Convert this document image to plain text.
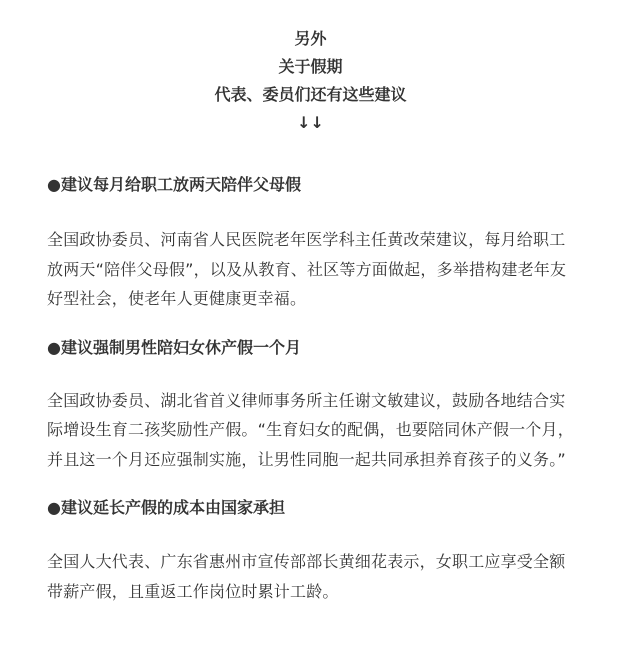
另外
关于假期
代表、委员们还有这些建议
↓↓

●建议每月给职工放两天陪伴父母假

全国政协委员、河南省人民医院老年医学科主任黄改荣建议，每月给职工放两天“陪伴父母假”，以及从教育、社区等方面做起，多举措构建老年友好型社会，使老年人更健康更幸福。

●建议强制男性陪妇女休产假一个月

全国政协委员、湖北省首义律师事务所主任谢文敏建议，鼓励各地结合实际增设生育二孩奖励性产假。“生育妇女的配偶，也要陪同休产假一个月，并且这一个月还应强制实施，让男性同胞一起共同承担养育孩子的义务。”

●建议延长产假的成本由国家承担

全国人大代表、广东省惠州市宣传部部长黄细花表示，女职工应享受全额带薪产假，且重返工作岗位时累计工龄。
